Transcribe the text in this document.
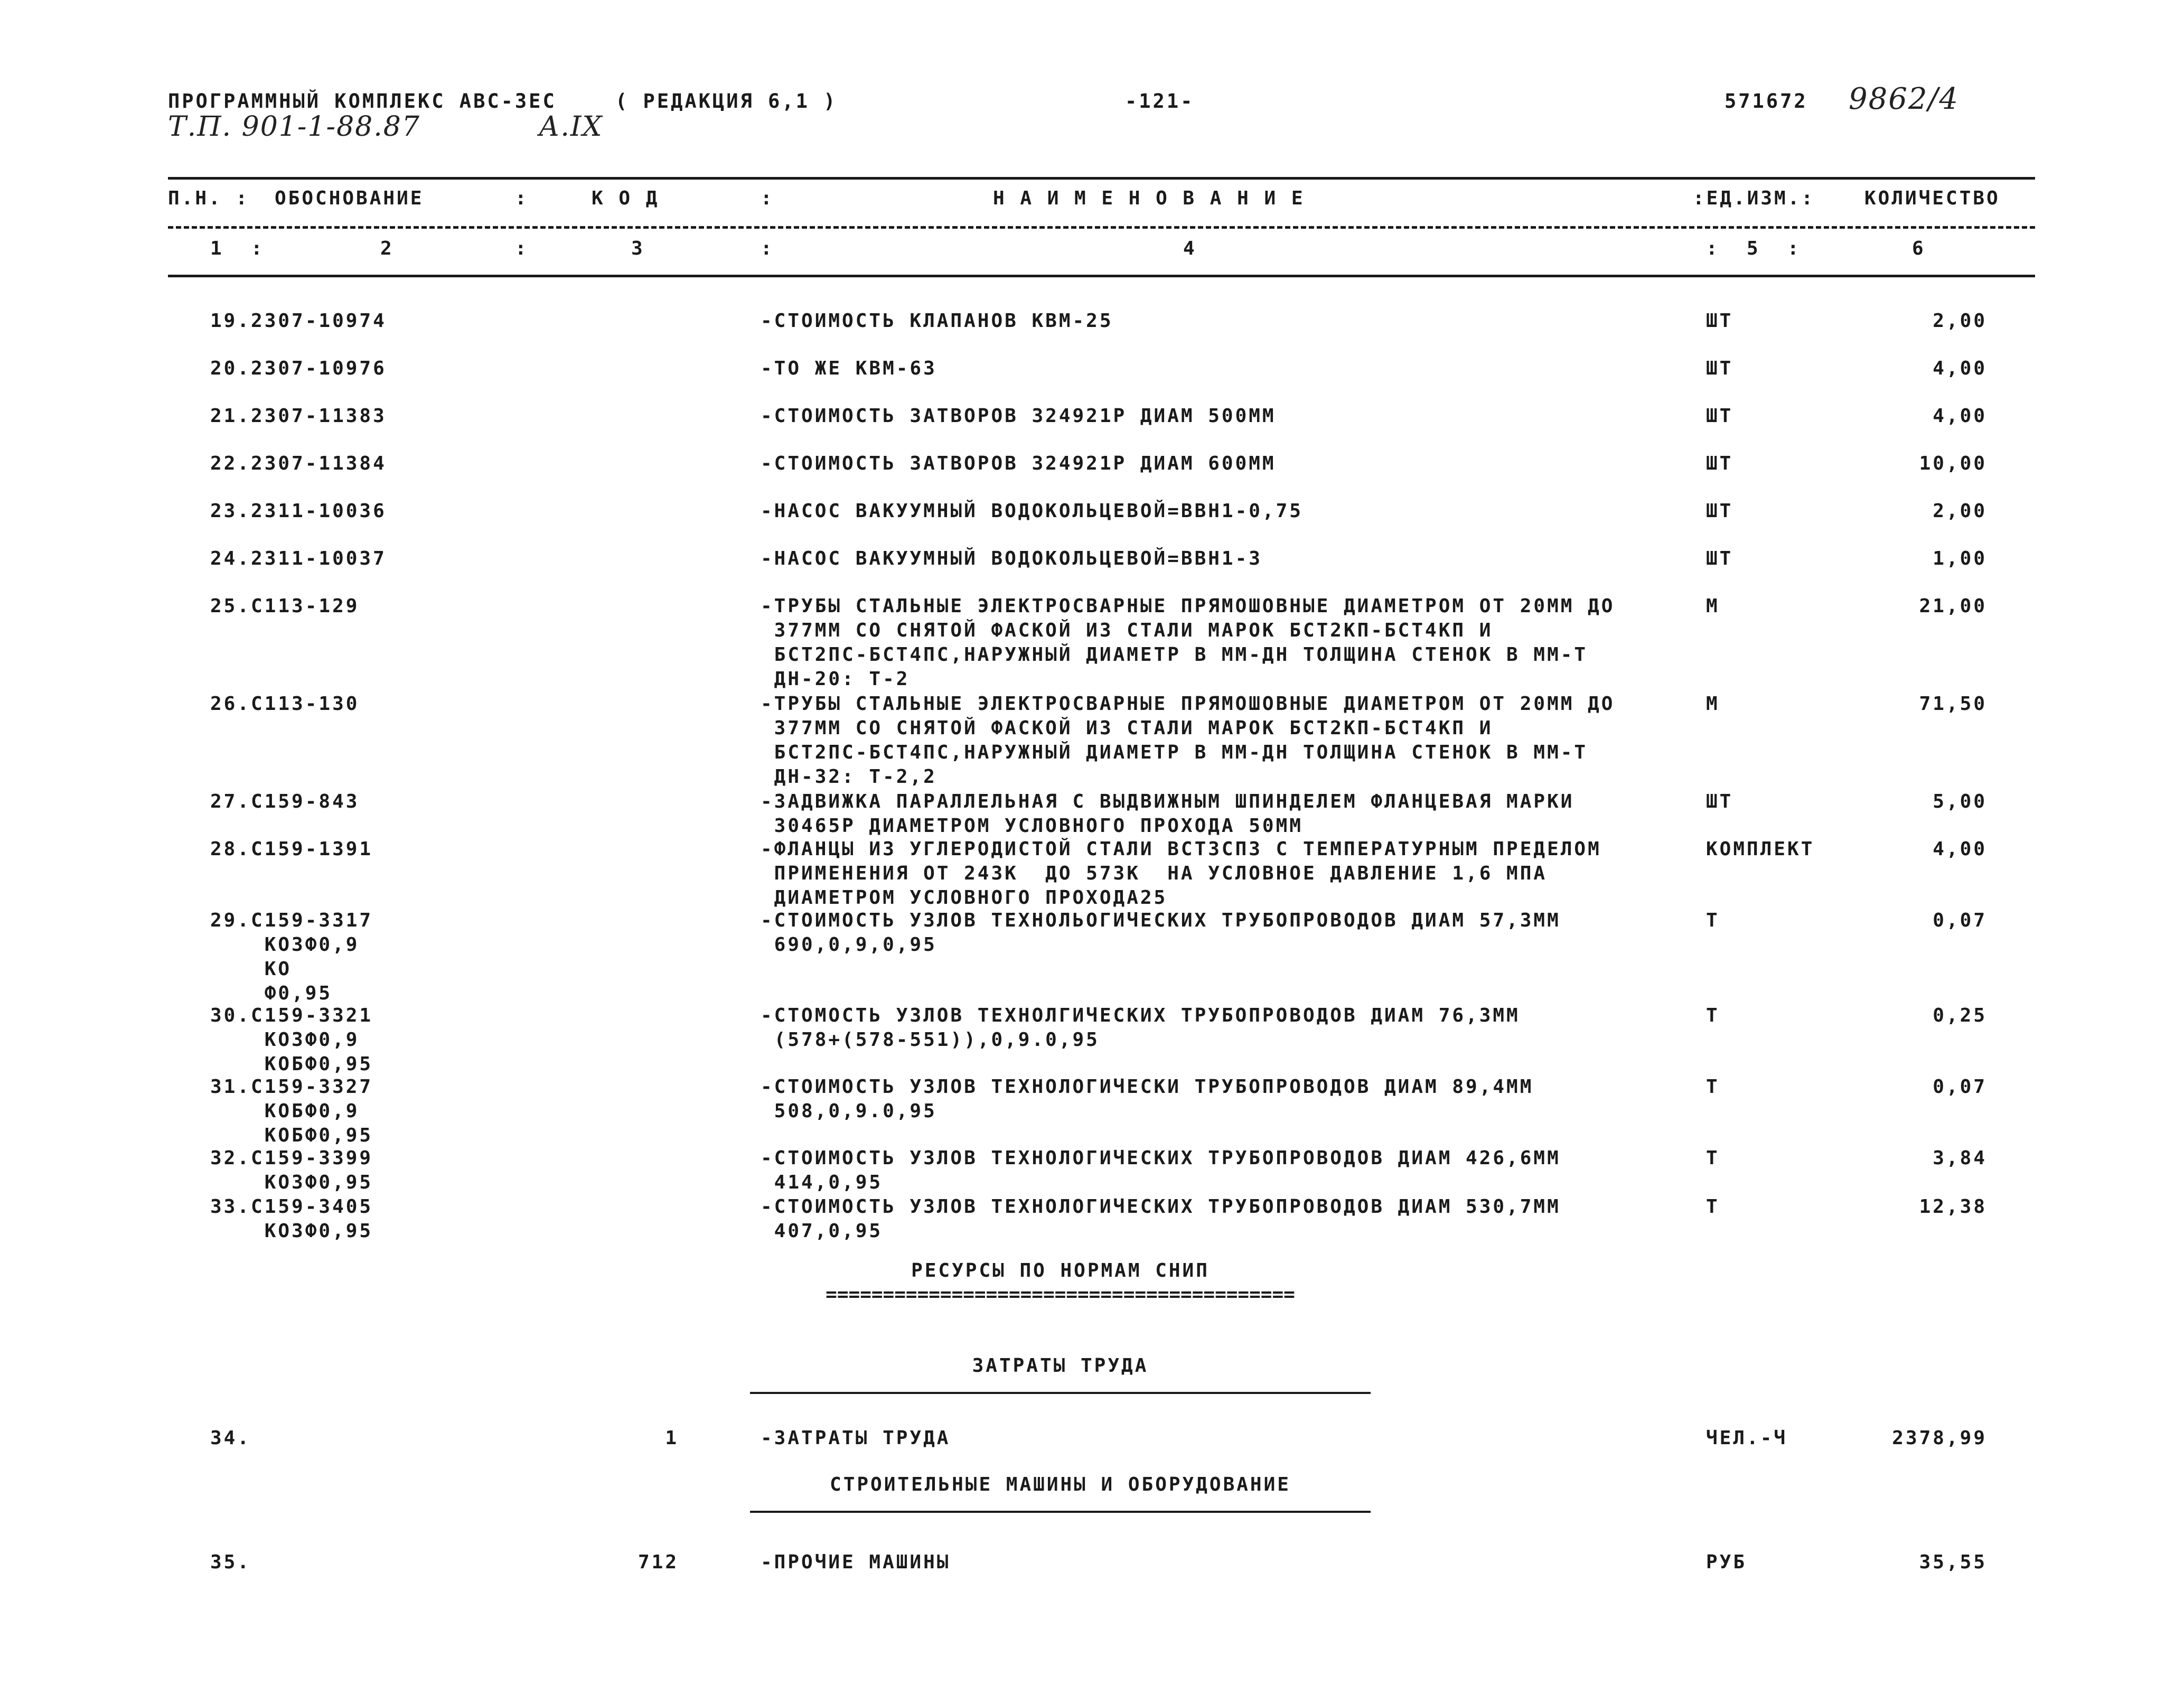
ПРОГРАММНЫЙ КОМПЛЕКС АВС-ЗЕС	( РЕДАКЦИЯ 6,1 )	-121-	571672 9862/4
Т.П. 901-1-88.87	А.IX
П.Н. : ОБОСНОВАНИЕ	:	К О Д	:	Н А И М Е Н О В А Н И Е	:ЕД.ИЗМ.:	КОЛИЧЕСТВО
1  :	2	:	3	:	4	:  5  :	6
19.2307-10974	-СТОИМОСТЬ КЛАПАНОВ КВМ-25	ШТ	2,00
20.2307-10976	-ТО ЖЕ КВМ-63	ШТ	4,00
21.2307-11383	-СТОИМОСТЬ ЗАТВОРОВ 324921Р ДИАМ 500ММ	ШТ	4,00
22.2307-11384	-СТОИМОСТЬ ЗАТВОРОВ 324921Р ДИАМ 600ММ	ШТ	10,00
23.2311-10036	-НАСОС ВАКУУМНЫЙ ВОДОКОЛЬЦЕВОЙ=ВВН1-0,75	ШТ	2,00
24.2311-10037	-НАСОС ВАКУУМНЫЙ ВОДОКОЛЬЦЕВОЙ=ВВН1-3	ШТ	1,00
25.С113-129	-ТРУБЫ СТАЛЬНЫЕ ЭЛЕКТРОСВАРНЫЕ ПРЯМОШОВНЫЕ ДИАМЕТРОМ ОТ 20ММ ДО
377ММ СО СНЯТОЙ ФАСКОЙ ИЗ СТАЛИ МАРОК БСТ2КП-БСТ4КП И
БСТ2ПС-БСТ4ПС,НАРУЖНЫЙ ДИАМЕТР В ММ-ДН ТОЛЩИНА СТЕНОК В ММ-Т
ДН-20: Т-2
М	21,00
26.С113-130	-ТРУБЫ СТАЛЬНЫЕ ЭЛЕКТРОСВАРНЫЕ ПРЯМОШОВНЫЕ ДИАМЕТРОМ ОТ 20ММ ДО
377ММ СО СНЯТОЙ ФАСКОЙ ИЗ СТАЛИ МАРОК БСТ2КП-БСТ4КП И
БСТ2ПС-БСТ4ПС,НАРУЖНЫЙ ДИАМЕТР В ММ-ДН ТОЛЩИНА СТЕНОК В ММ-Т
ДН-32: Т-2,2
М	71,50
27.С159-843	-ЗАДВИЖКА ПАРАЛЛЕЛЬНАЯ С ВЫДВИЖНЫМ ШПИНДЕЛЕМ ФЛАНЦЕВАЯ МАРКИ
30465Р ДИАМЕТРОМ УСЛОВНОГО ПРОХОДА 50ММ
ШТ	5,00
28.С159-1391	-ФЛАНЦЫ ИЗ УГЛЕРОДИСТОЙ СТАЛИ ВСТ3СП3 С ТЕМПЕРАТУРНЫМ ПРЕДЕЛОМ
ПРИМЕНЕНИЯ ОТ 243К  ДО 573К  НА УСЛОВНОЕ ДАВЛЕНИЕ 1,6 МПА
ДИАМЕТРОМ УСЛОВНОГО ПРОХОДА25
КОМПЛЕКТ	4,00
29.С159-3317
КОЗФ0,9
КО
Ф0,95
-СТОИМОСТЬ УЗЛОВ ТЕХНОЛЬОГИЧЕСКИХ ТРУБОПРОВОДОВ ДИАМ 57,3ММ
690,0,9,0,95
Т	0,07
30.С159-3321
КОЗФ0,9
КОБФ0,95
-СТОМОСТЬ УЗЛОВ ТЕХНОЛГИЧЕСКИХ ТРУБОПРОВОДОВ ДИАМ 76,3ММ
(578+(578-551)),0,9.0,95
Т	0,25
31.С159-3327
КОБФ0,9
КОБФ0,95
-СТОИМОСТЬ УЗЛОВ ТЕХНОЛОГИЧЕСКИ ТРУБОПРОВОДОВ ДИАМ 89,4ММ
508,0,9.0,95
Т	0,07
32.С159-3399
КОЗФ0,95
-СТОИМОСТЬ УЗЛОВ ТЕХНОЛОГИЧЕСКИХ ТРУБОПРОВОДОВ ДИАМ 426,6ММ
414,0,95
Т	3,84
33.С159-3405
КОЗФ0,95
-СТОИМОСТЬ УЗЛОВ ТЕХНОЛОГИЧЕСКИХ ТРУБОПРОВОДОВ ДИАМ 530,7ММ
407,0,95
Т	12,38
РЕСУРСЫ ПО НОРМАМ СНИП
=========================================
ЗАТРАТЫ ТРУДА
СТРОИТЕЛЬНЫЕ МАШИНЫ И ОБОРУДОВАНИЕ
34.	1	-ЗАТРАТЫ ТРУДА	ЧЕЛ.-Ч	2378,99
35.	712	-ПРОЧИЕ МАШИНЫ	РУБ	35,55
